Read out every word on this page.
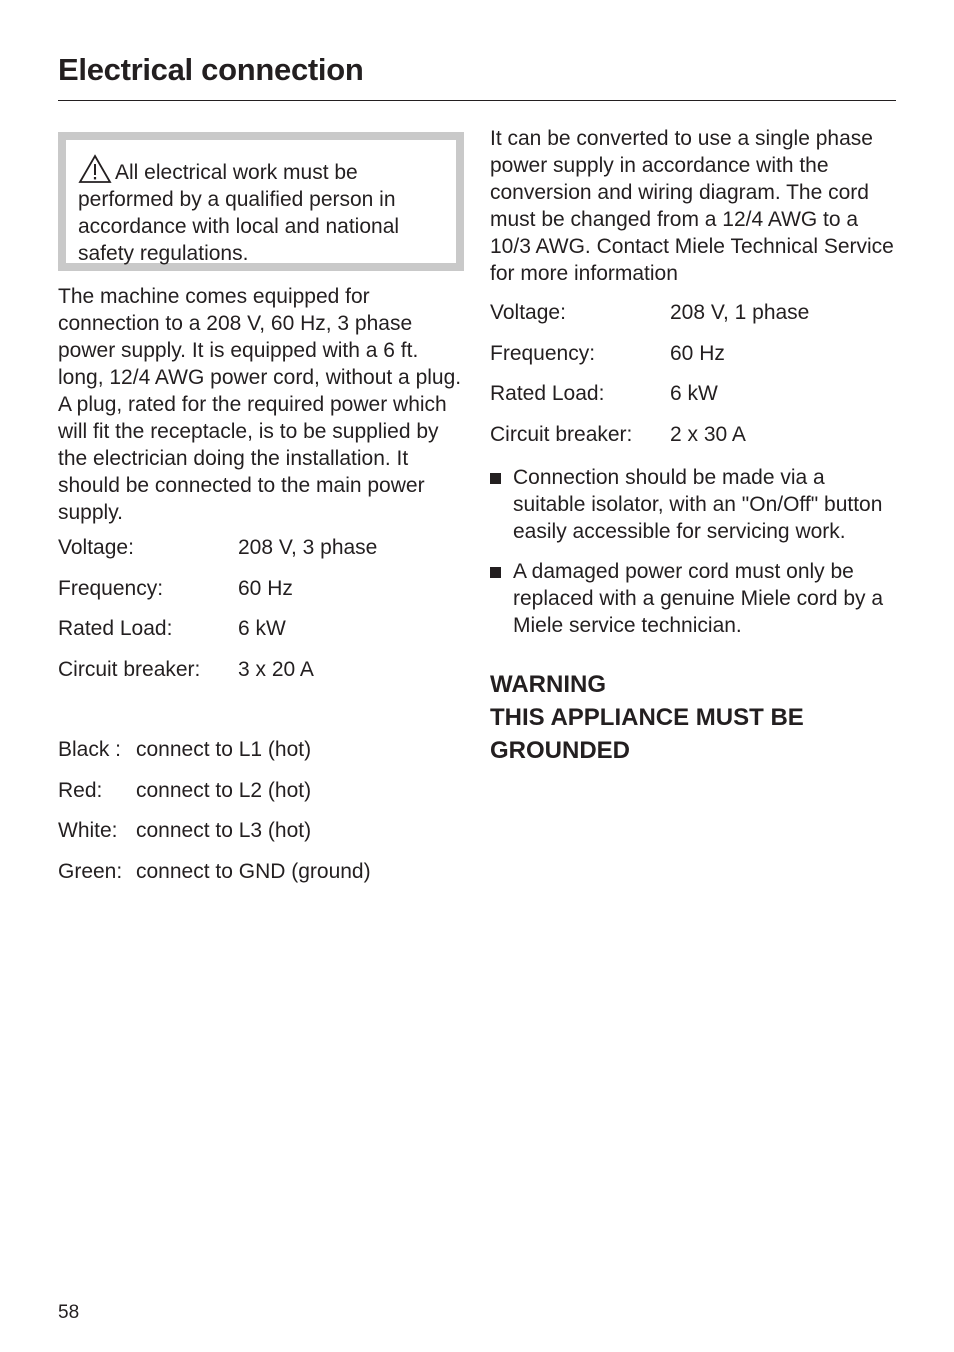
Electrical connection

All electrical work must be performed by a qualified person in accordance with local and national safety regulations.

The machine comes equipped for connection to a 208 V, 60 Hz, 3 phase power supply. It is equipped with a 6 ft. long, 12/4 AWG power cord, without a plug. A plug, rated for the required power which will fit the receptacle, is to be supplied by the electrician doing the installation. It should be connected to the main power supply.

Voltage:	208 V, 3 phase
Frequency:	60 Hz
Rated Load:	6 kW
Circuit breaker:	3 x 20 A
Black :	connect to L1 (hot)
Red:	connect to L2 (hot)
White:	connect to L3 (hot)
Green:	connect to GND (ground)

It can be converted to use a single phase power supply in accordance with the conversion and wiring diagram. The cord must be changed from a 12/4 AWG to a 10/3 AWG. Contact Miele Technical Service for more information

Voltage:	208 V, 1 phase
Frequency:	60 Hz
Rated Load:	6 kW
Circuit breaker:	2 x 30 A
Connection should be made via a suitable isolator, with an "On/Off" button easily accessible for servicing work.
A damaged power cord must only be replaced with a genuine Miele cord by a Miele service technician.

WARNING

THIS APPLIANCE MUST BE GROUNDED

58
